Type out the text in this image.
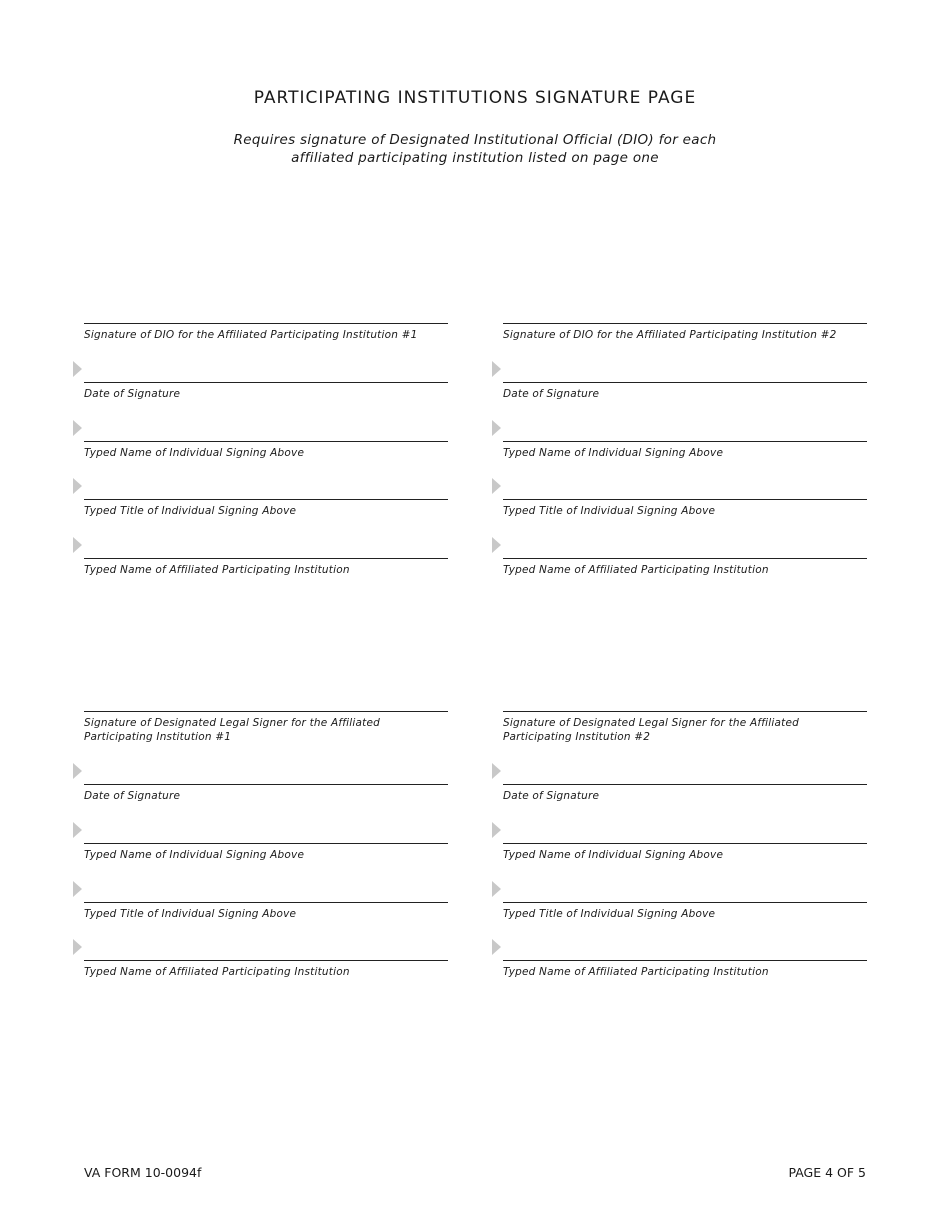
PARTICIPATING INSTITUTIONS SIGNATURE PAGE
Requires signature of Designated Institutional Official (DIO) for each
affiliated participating institution listed on page one
Signature of DIO for the Affiliated Participating Institution #1
Date of Signature
Typed Name of Individual Signing Above
Typed Title of Individual Signing Above
Typed Name of Affiliated Participating Institution
Signature of DIO for the Affiliated Participating Institution #2
Date of Signature
Typed Name of Individual Signing Above
Typed Title of Individual Signing Above
Typed Name of Affiliated Participating Institution
Signature of Designated Legal Signer for the Affiliated Participating Institution #1
Date of Signature
Typed Name of Individual Signing Above
Typed Title of Individual Signing Above
Typed Name of Affiliated Participating Institution
Signature of Designated Legal Signer for the Affiliated Participating Institution #2
Date of Signature
Typed Name of Individual Signing Above
Typed Title of Individual Signing Above
Typed Name of Affiliated Participating Institution
VA FORM 10-0094f	PAGE 4 OF 5
